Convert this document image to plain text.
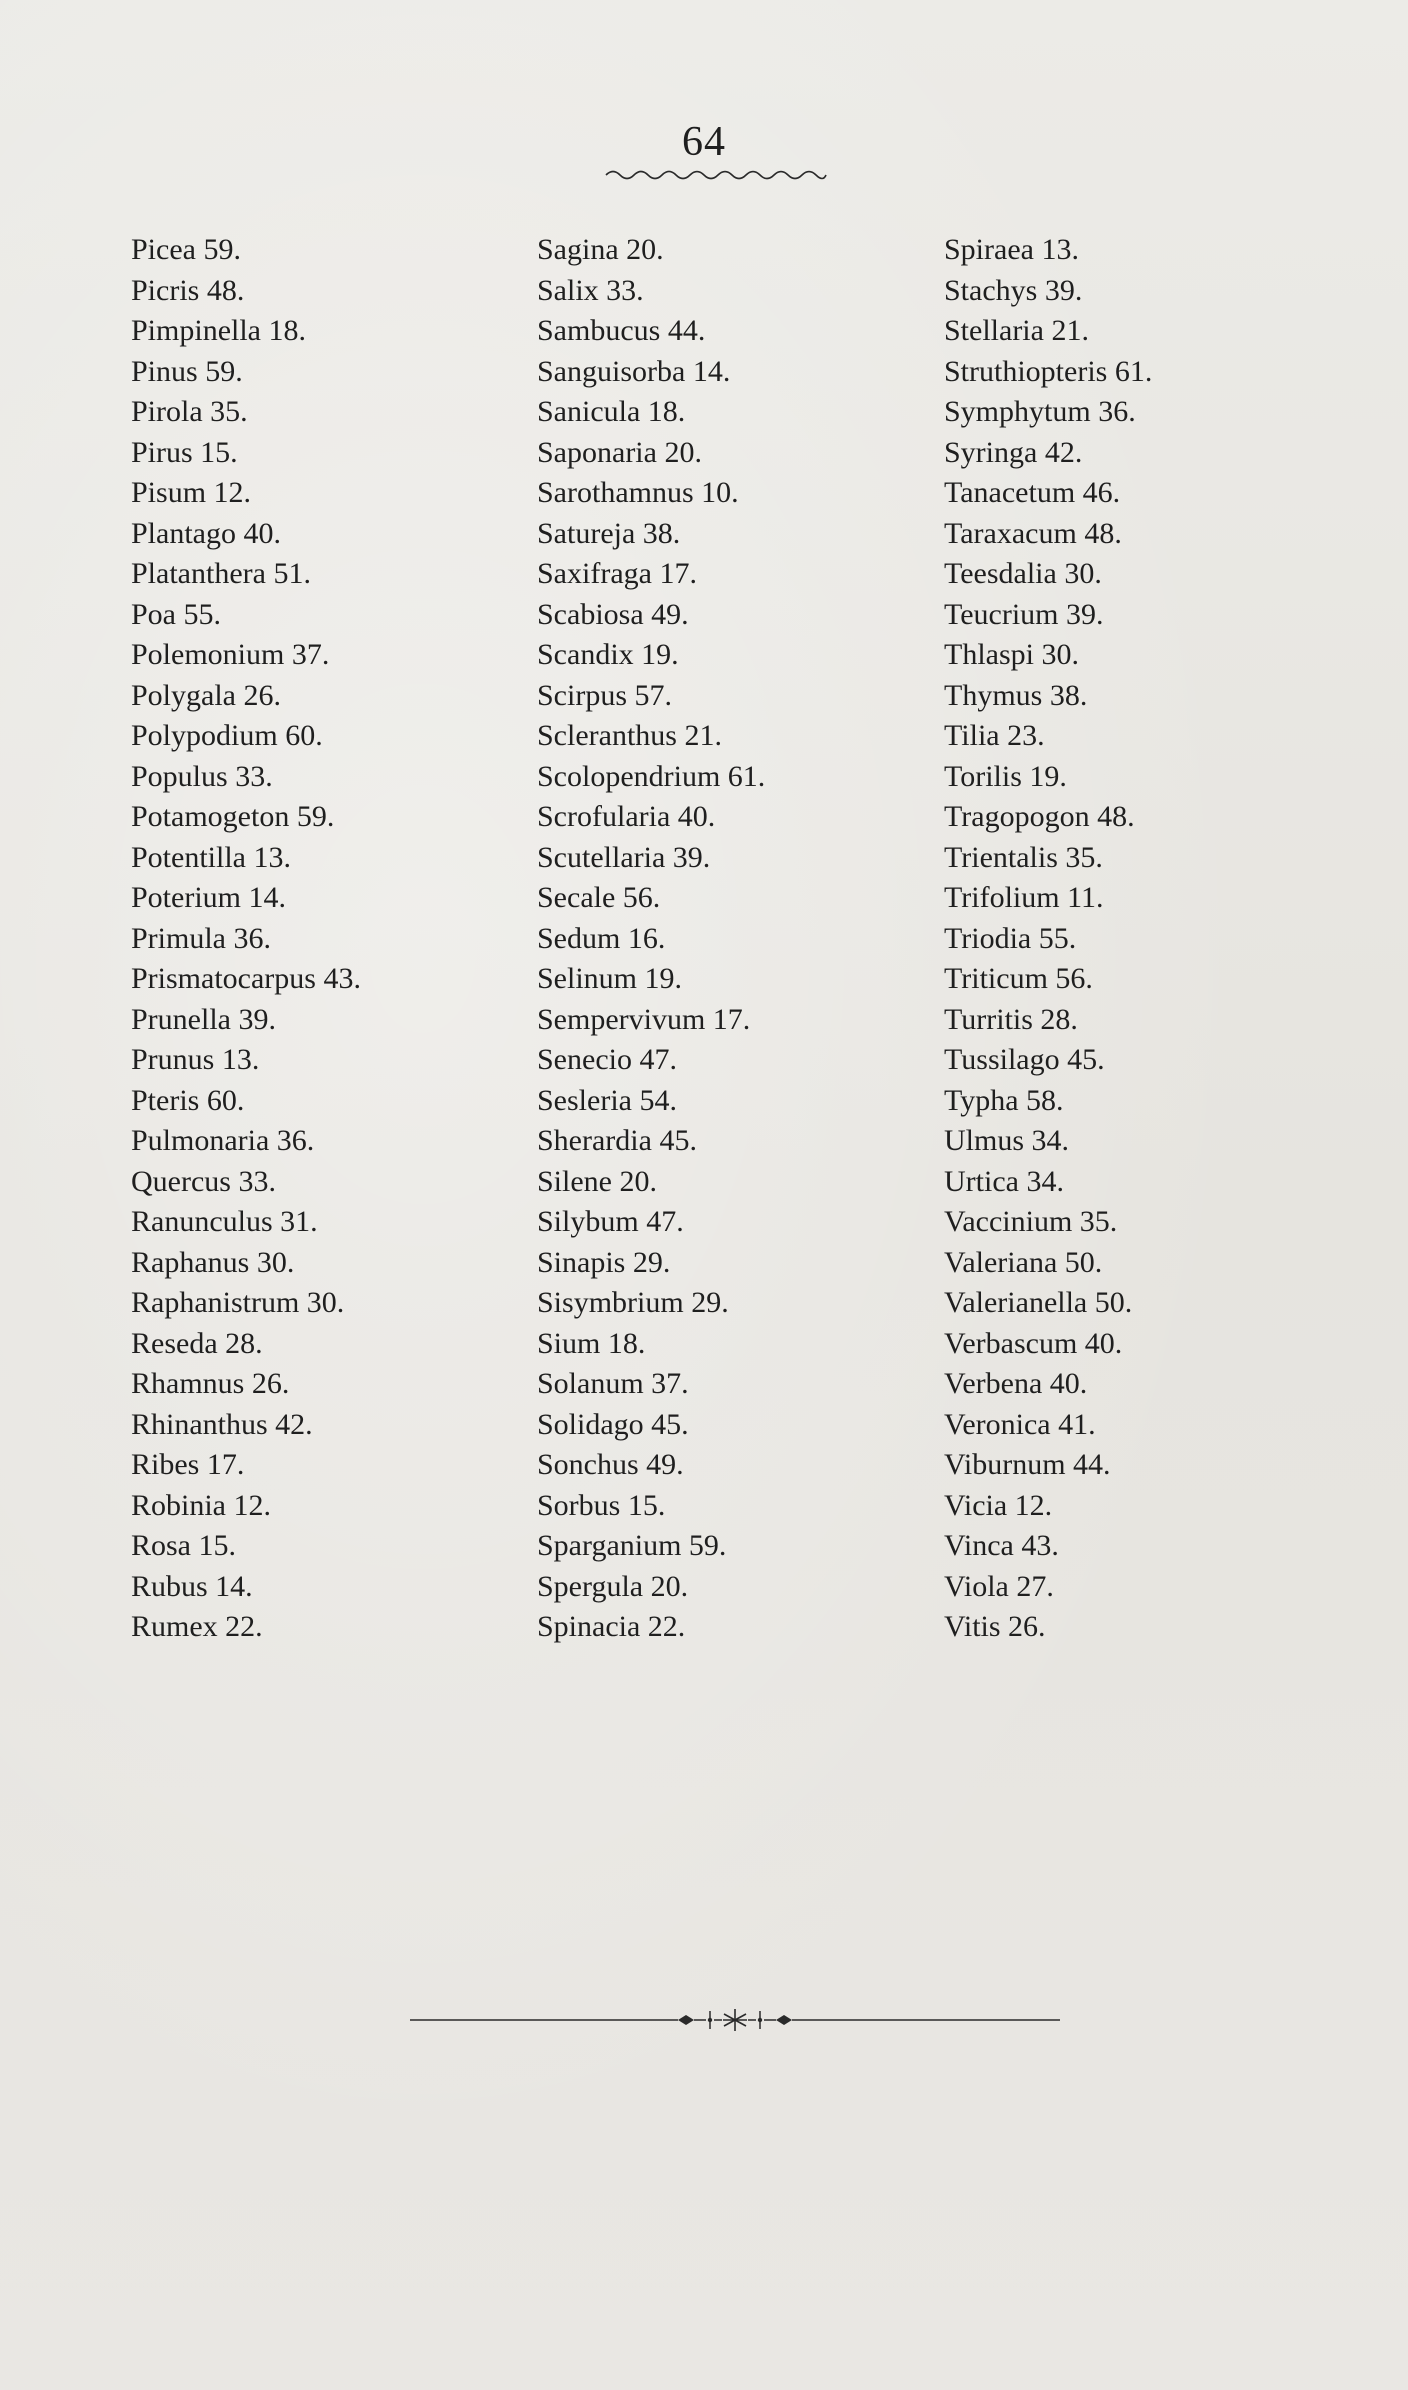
64
Picea 59.
Picris 48.
Pimpinella 18.
Pinus 59.
Pirola 35.
Pirus 15.
Pisum 12.
Plantago 40.
Platanthera 51.
Poa 55.
Polemonium 37.
Polygala 26.
Polypodium 60.
Populus 33.
Potamogeton 59.
Potentilla 13.
Poterium 14.
Primula 36.
Prismatocarpus 43.
Prunella 39.
Prunus 13.
Pteris 60.
Pulmonaria 36.
Quercus 33.
Ranunculus 31.
Raphanus 30.
Raphanistrum 30.
Reseda 28.
Rhamnus 26.
Rhinanthus 42.
Ribes 17.
Robinia 12.
Rosa 15.
Rubus 14.
Rumex 22.
Sagina 20.
Salix 33.
Sambucus 44.
Sanguisorba 14.
Sanicula 18.
Saponaria 20.
Sarothamnus 10.
Satureja 38.
Saxifraga 17.
Scabiosa 49.
Scandix 19.
Scirpus 57.
Scleranthus 21.
Scolopendrium 61.
Scrofularia 40.
Scutellaria 39.
Secale 56.
Sedum 16.
Selinum 19.
Sempervivum 17.
Senecio 47.
Sesleria 54.
Sherardia 45.
Silene 20.
Silybum 47.
Sinapis 29.
Sisymbrium 29.
Sium 18.
Solanum 37.
Solidago 45.
Sonchus 49.
Sorbus 15.
Sparganium 59.
Spergula 20.
Spinacia 22.
Spiraea 13.
Stachys 39.
Stellaria 21.
Struthiopteris 61.
Symphytum 36.
Syringa 42.
Tanacetum 46.
Taraxacum 48.
Teesdalia 30.
Teucrium 39.
Thlaspi 30.
Thymus 38.
Tilia 23.
Torilis 19.
Tragopogon 48.
Trientalis 35.
Trifolium 11.
Triodia 55.
Triticum 56.
Turritis 28.
Tussilago 45.
Typha 58.
Ulmus 34.
Urtica 34.
Vaccinium 35.
Valeriana 50.
Valerianella 50.
Verbascum 40.
Verbena 40.
Veronica 41.
Viburnum 44.
Vicia 12.
Vinca 43.
Viola 27.
Vitis 26.
